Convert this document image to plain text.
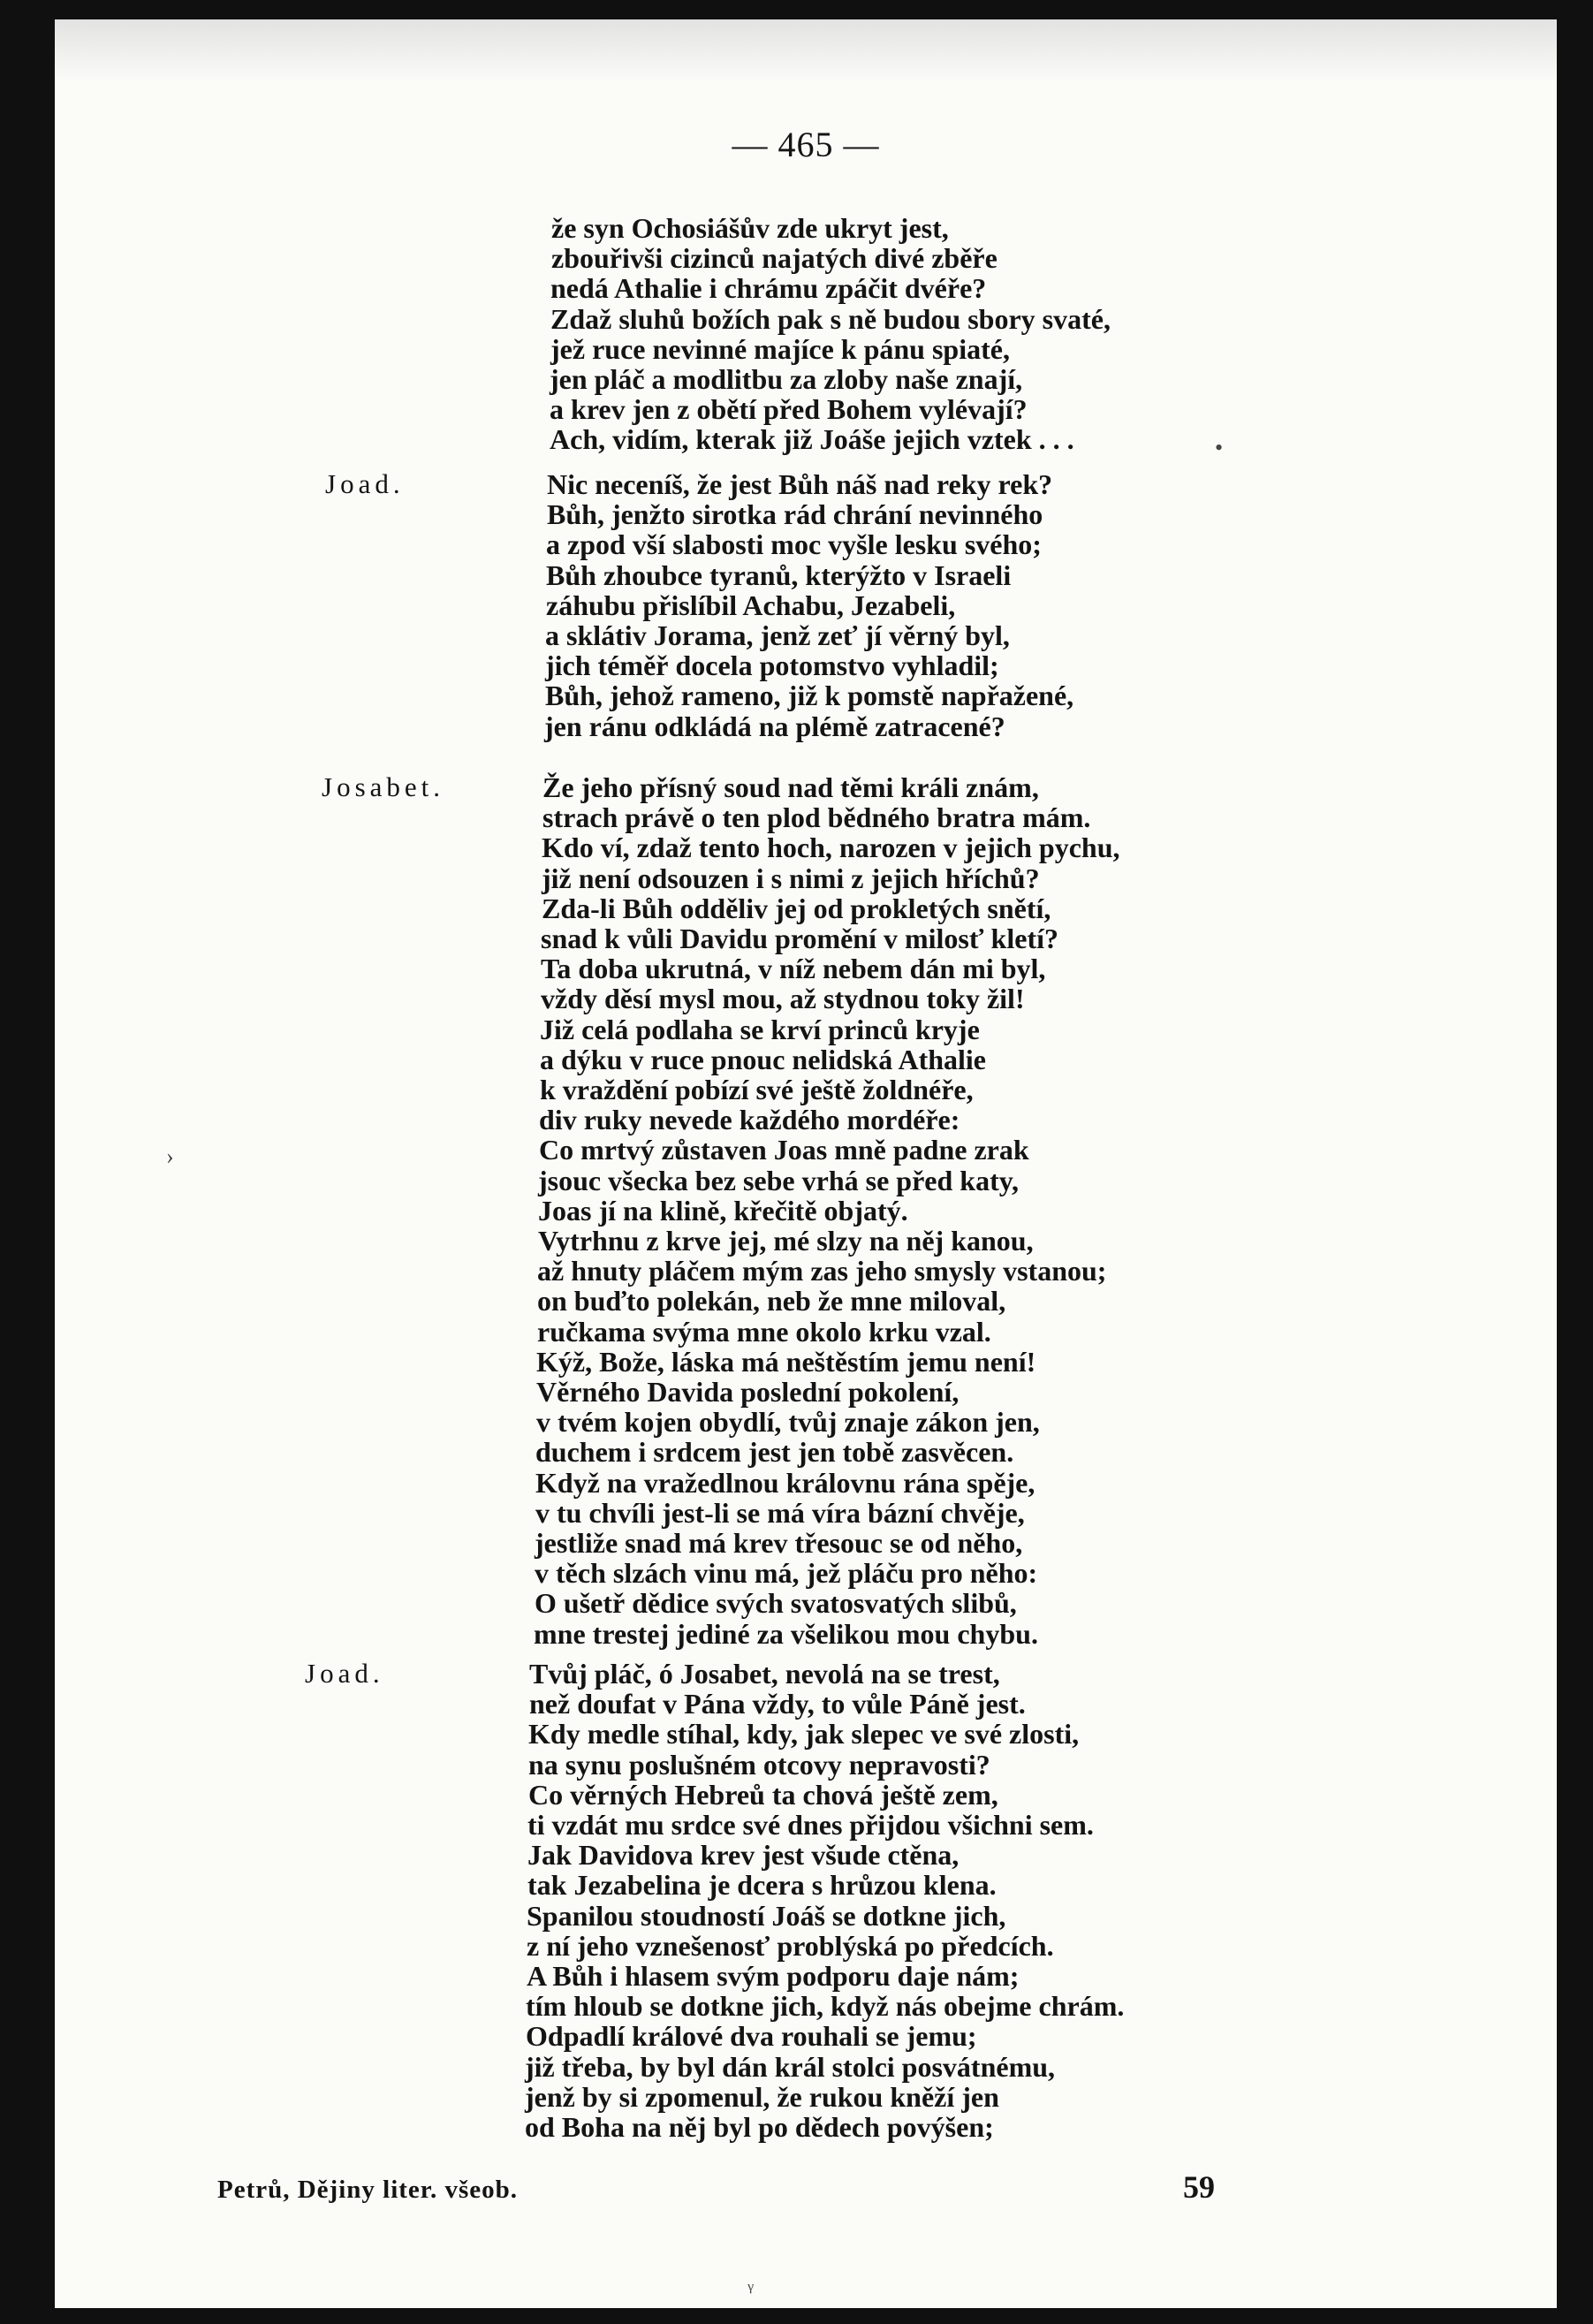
— 465 —
že syn Ochosiášův zde ukryt jest,
zbouřivši cizinců najatých divé zběře
nedá Athalie i chrámu zpáčit dvéře?
Zdaž sluhů božích pak s ně budou sbory svaté,
jež ruce nevinné majíce k pánu spiaté,
jen pláč a modlitbu za zloby naše znají,
a krev jen z obětí před Bohem vylévají?
Ach, vidím, kterak již Joáše jejich vztek . . .
Joad.	Nic neceníš, že jest Bůh náš nad reky rek?
Bůh, jenžto sirotka rád chrání nevinného
a zpod vší slabosti moc vyšle lesku svého;
Bůh zhoubce tyranů, kterýžto v Israeli
záhubu přislíbil Achabu, Jezabeli,
a sklátiv Jorama, jenž zeť jí věrný byl,
jich téměř docela potomstvo vyhladil;
Bůh, jehož rameno, již k pomstě napřažené,
jen ránu odkládá na plémě zatracené?
Josabet.	Že jeho přísný soud nad těmi králi znám,
strach právě o ten plod bědného bratra mám.
Kdo ví, zdaž tento hoch, narozen v jejich pychu,
již není odsouzen i s nimi z jejich hříchů?
Zda-li Bůh odděliv jej od prokletých snětí,
snad k vůli Davidu promění v milosť kletí?
Ta doba ukrutná, v níž nebem dán mi byl,
vždy děsí mysl mou, až stydnou toky žil!
Již celá podlaha se krví princů kryje
a dýku v ruce pnouc nelidská Athalie
k vraždění pobízí své ještě žoldnéře,
div ruky nevede každého mordéře:
Co mrtvý zůstaven Joas mně padne zrak
jsouc všecka bez sebe vrhá se před katy,
Joas jí na klině, křečitě objatý.
Vytrhnu z krve jej, mé slzy na něj kanou,
až hnuty pláčem mým zas jeho smysly vstanou;
on buďto polekán, neb že mne miloval,
ručkama svýma mne okolo krku vzal.
Kýž, Bože, láska má neštěstím jemu není!
Věrného Davida poslední pokolení,
v tvém kojen obydlí, tvůj znaje zákon jen,
duchem i srdcem jest jen tobě zasvěcen.
Když na vražedlnou královnu rána spěje,
v tu chvíli jest-li se má víra bázní chvěje,
jestliže snad má krev třesouc se od něho,
v těch slzách vinu má, jež pláču pro něho:
O ušetř dědice svých svatosvatých slibů,
mne trestej jediné za všelikou mou chybu.
Joad.	Tvůj pláč, ó Josabet, nevolá na se trest,
než doufat v Pána vždy, to vůle Páně jest.
Kdy medle stíhal, kdy, jak slepec ve své zlosti,
na synu poslušném otcovy nepravosti?
Co věrných Hebreů ta chová ještě zem,
ti vzdát mu srdce své dnes přijdou všichni sem.
Jak Davidova krev jest všude ctěna,
tak Jezabelina je dcera s hrůzou klena.
Spanilou stoudností Joáš se dotkne jich,
z ní jeho vznešenosť problýská po předcích.
A Bůh i hlasem svým podporu daje nám;
tím hloub se dotkne jich, když nás obejme chrám.
Odpadlí králové dva rouhali se jemu;
již třeba, by byl dán král stolci posvátnému,
jenž by si zpomenul, že rukou kněží jen
od Boha na něj byl po dědech povýšen;
•
›
ᵧ
Petrů, Dějiny liter. všeob.	59
